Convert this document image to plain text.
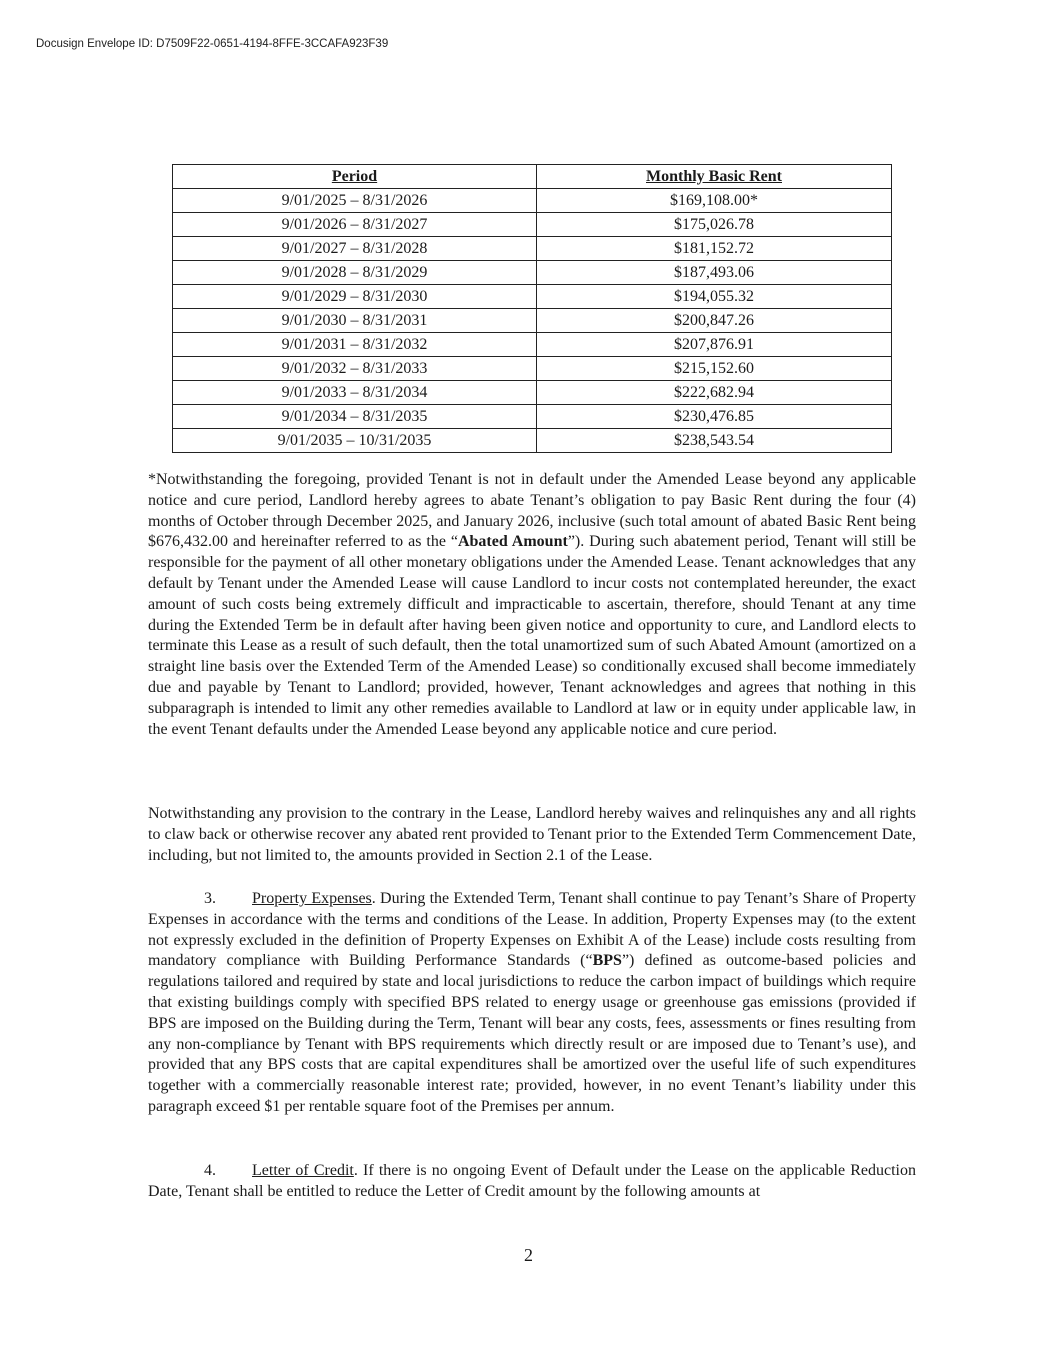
Docusign Envelope ID: D7509F22-0651-4194-8FFE-3CCAFA923F39
Period	Monthly Basic Rent
9/01/2025 – 8/31/2026	$169,108.00*
9/01/2026 – 8/31/2027	$175,026.78
9/01/2027 – 8/31/2028	$181,152.72
9/01/2028 – 8/31/2029	$187,493.06
9/01/2029 – 8/31/2030	$194,055.32
9/01/2030 – 8/31/2031	$200,847.26
9/01/2031 – 8/31/2032	$207,876.91
9/01/2032 – 8/31/2033	$215,152.60
9/01/2033 – 8/31/2034	$222,682.94
9/01/2034 – 8/31/2035	$230,476.85
9/01/2035 – 10/31/2035	$238,543.54

*Notwithstanding the foregoing, provided Tenant is not in default under the Amended Lease beyond any applicable notice and cure period, Landlord hereby agrees to abate Tenant’s obligation to pay Basic Rent during the four (4) months of October through December 2025, and January 2026, inclusive (such total amount of abated Basic Rent being $676,432.00 and hereinafter referred to as the “Abated Amount”). During such abatement period, Tenant will still be responsible for the payment of all other monetary obligations under the Amended Lease. Tenant acknowledges that any default by Tenant under the Amended Lease will cause Landlord to incur costs not contemplated hereunder, the exact amount of such costs being extremely difficult and impracticable to ascertain, therefore, should Tenant at any time during the Extended Term be in default after having been given notice and opportunity to cure, and Landlord elects to terminate this Lease as a result of such default, then the total unamortized sum of such Abated Amount (amortized on a straight line basis over the Extended Term of the Amended Lease) so conditionally excused shall become immediately due and payable by Tenant to Landlord; provided, however, Tenant acknowledges and agrees that nothing in this subparagraph is intended to limit any other remedies available to Landlord at law or in equity under applicable law, in the event Tenant defaults under the Amended Lease beyond any applicable notice and cure period.

Notwithstanding any provision to the contrary in the Lease, Landlord hereby waives and relinquishes any and all rights to claw back or otherwise recover any abated rent provided to Tenant prior to the Extended Term Commencement Date, including, but not limited to, the amounts provided in Section 2.1 of the Lease.

3. Property Expenses. During the Extended Term, Tenant shall continue to pay Tenant’s Share of Property Expenses in accordance with the terms and conditions of the Lease. In addition, Property Expenses may (to the extent not expressly excluded in the definition of Property Expenses on Exhibit A of the Lease) include costs resulting from mandatory compliance with Building Performance Standards (“BPS”) defined as outcome-based policies and regulations tailored and required by state and local jurisdictions to reduce the carbon impact of buildings which require that existing buildings comply with specified BPS related to energy usage or greenhouse gas emissions (provided if BPS are imposed on the Building during the Term, Tenant will bear any costs, fees, assessments or fines resulting from any non-compliance by Tenant with BPS requirements which directly result or are imposed due to Tenant’s use), and provided that any BPS costs that are capital expenditures shall be amortized over the useful life of such expenditures together with a commercially reasonable interest rate; provided, however, in no event Tenant’s liability under this paragraph exceed $1 per rentable square foot of the Premises per annum.

4. Letter of Credit. If there is no ongoing Event of Default under the Lease on the applicable Reduction Date, Tenant shall be entitled to reduce the Letter of Credit amount by the following amounts at

2
